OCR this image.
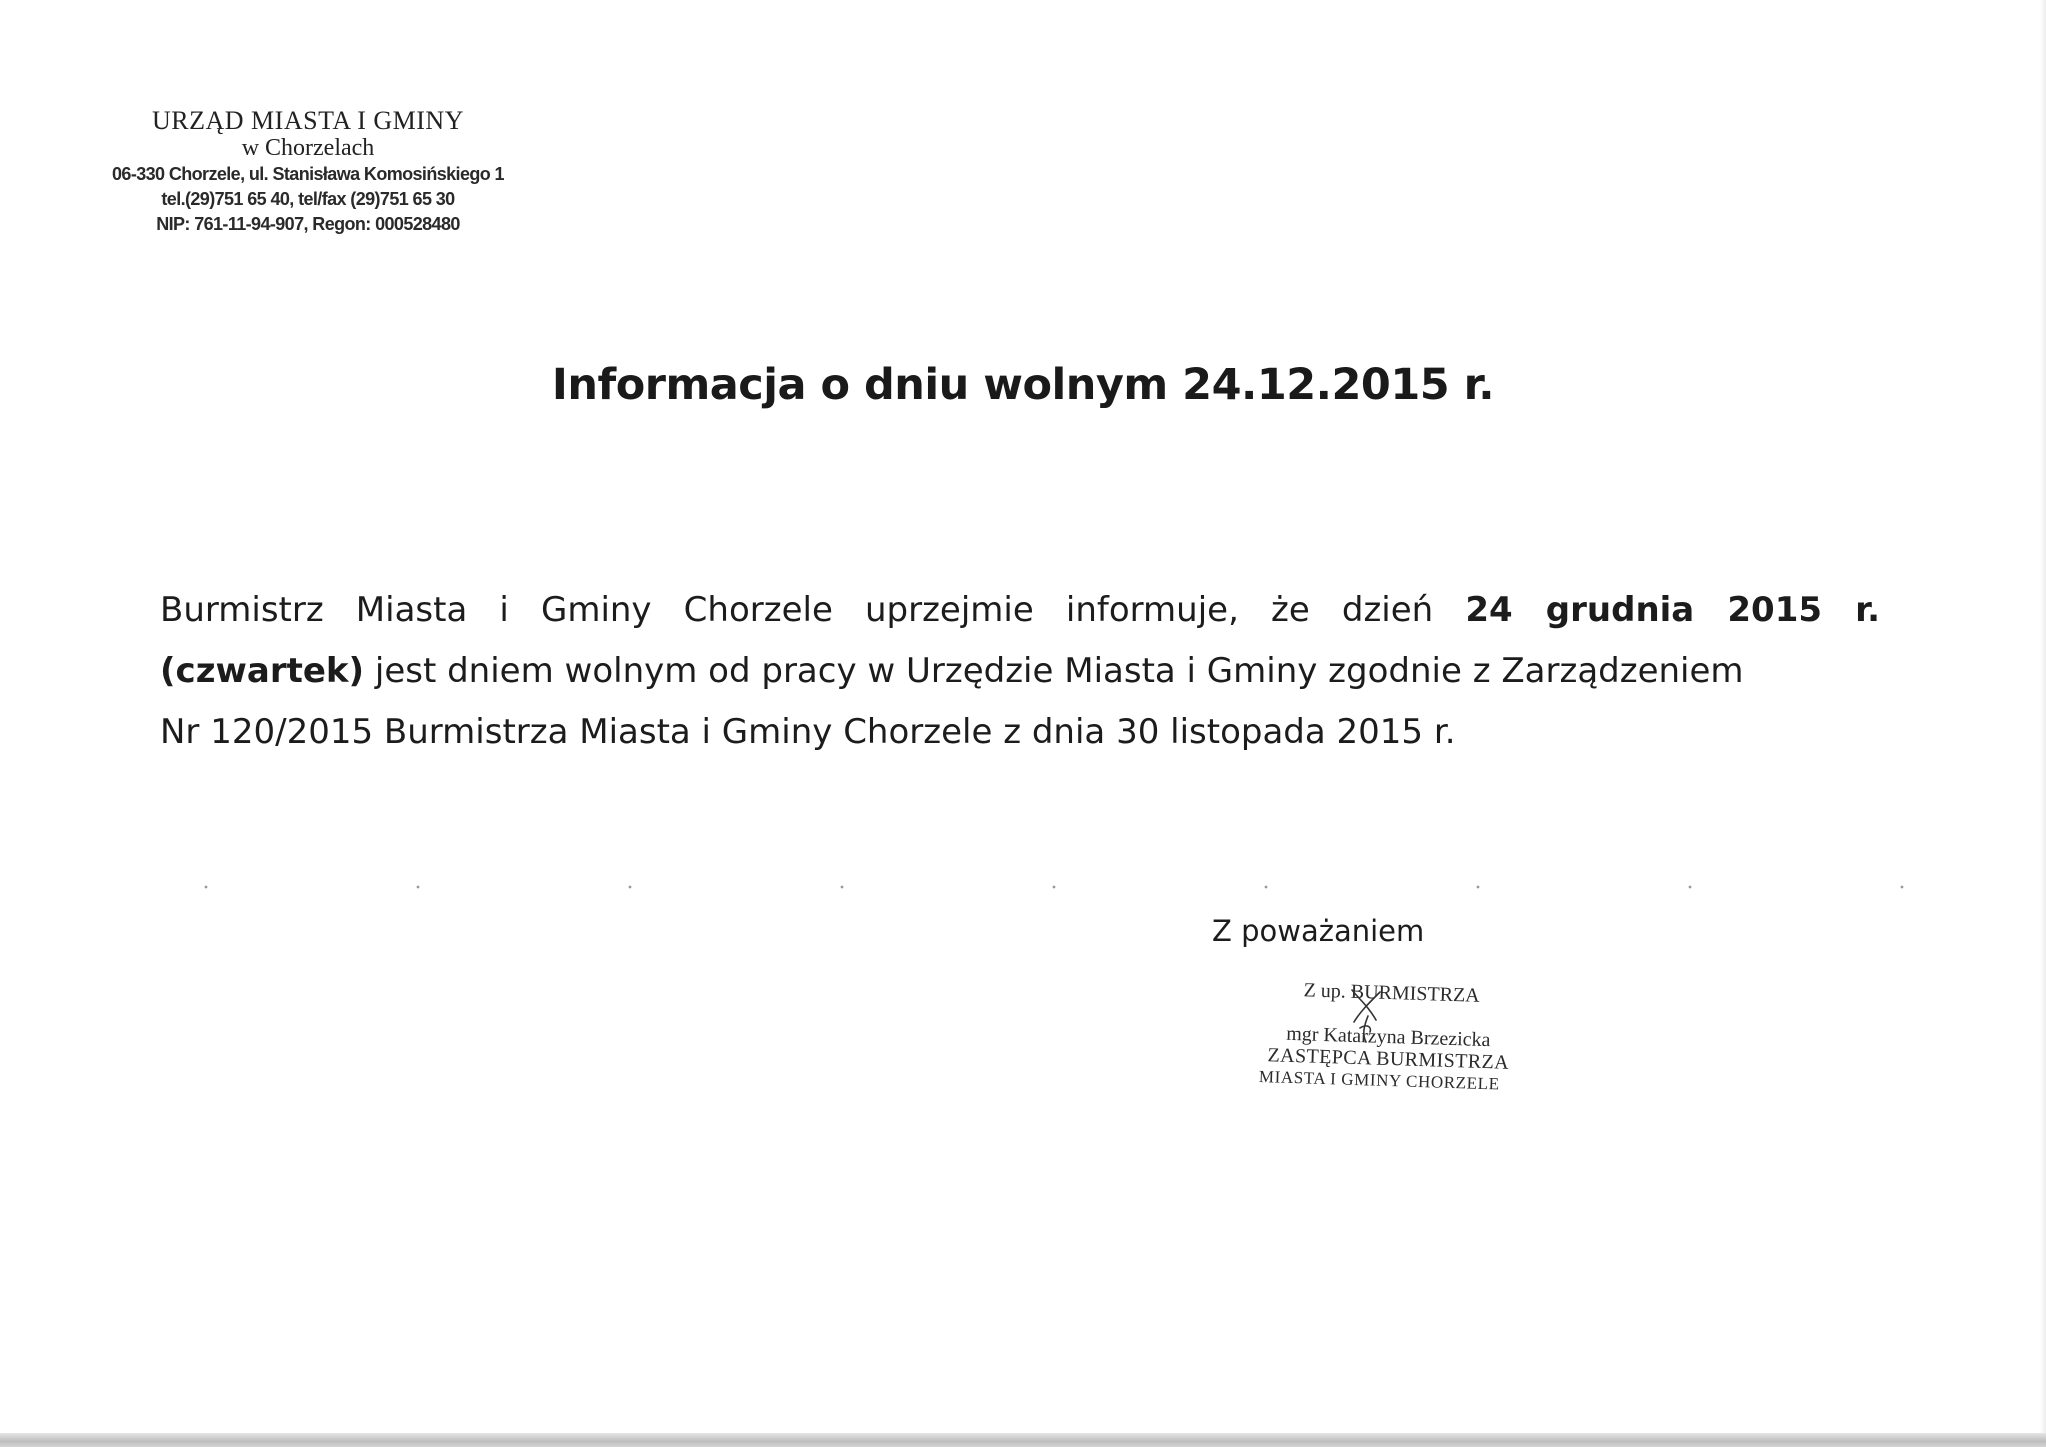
URZĄD MIASTA I GMINY
w Chorzelach
06-330 Chorzele, ul. Stanisława Komosińskiego 1
tel.(29)751 65 40, tel/fax (29)751 65 30
NIP: 761-11-94-907, Regon: 000528480
Informacja o dniu wolnym 24.12.2015 r.
Burmistrz Miasta i Gminy Chorzele uprzejmie informuje, że dzień 24 grudnia 2015 r.
(czwartek) jest dniem wolnym od pracy w Urzędzie Miasta i Gminy zgodnie z Zarządzeniem
Nr 120/2015 Burmistrza Miasta i Gminy Chorzele z dnia 30 listopada 2015 r.
Z poważaniem
Z up. BURMISTRZA
mgr Katarzyna Brzezicka
ZASTĘPCA BURMISTRZA
MIASTA I GMINY CHORZELE
